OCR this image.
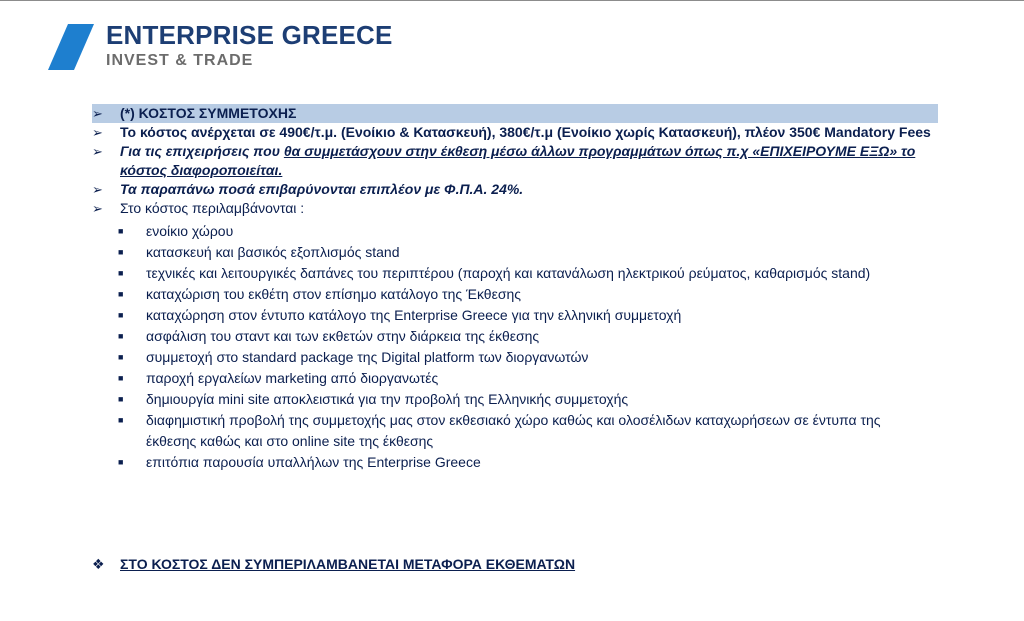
ENTERPRISE GREECE
INVEST & TRADE
➢	(*) ΚΟΣΤΟΣ ΣΥΜΜΕΤΟΧΗΣ
➢	Το κόστος ανέρχεται σε 490€/τ.μ. (Ενοίκιο & Κατασκευή), 380€/τ.μ (Ενοίκιο χωρίς Κατασκευή), πλέον 350€ Mandatory Fees
➢	Για τις επιχειρήσεις που θα συμμετάσχουν στην έκθεση μέσω άλλων προγραμμάτων όπως π.χ «ΕΠΙΧΕΙΡΟΥΜΕ ΕΞΩ» το κόστος διαφοροποιείται.
➢	Τα παραπάνω ποσά επιβαρύνονται επιπλέον με Φ.Π.Α. 24%.
➢	Στο κόστος περιλαμβάνονται :
■	ενοίκιο χώρου
■	κατασκευή και βασικός εξοπλισμός stand
■	τεχνικές και λειτουργικές δαπάνες του περιπτέρου (παροχή και κατανάλωση ηλεκτρικού ρεύματος, καθαρισμός stand)
■	καταχώριση του εκθέτη στον επίσημο κατάλογο της Έκθεσης
■	καταχώρηση στον έντυπο κατάλογο της Enterprise Greece για την ελληνική συμμετοχή
■	ασφάλιση του σταντ και των εκθετών στην διάρκεια της έκθεσης
■	συμμετοχή στο standard package της Digital platform των διοργανωτών
■	παροχή εργαλείων marketing από διοργανωτές
■	δημιουργία mini site αποκλειστικά για την προβολή της Ελληνικής συμμετοχής
■	διαφημιστική προβολή της συμμετοχής μας στον εκθεσιακό χώρο καθώς και ολοσέλιδων καταχωρήσεων σε έντυπα της έκθεσης καθώς και στο online site της έκθεσης
■	επιτόπια παρουσία υπαλλήλων της Enterprise Greece
❖	ΣΤΟ ΚΟΣΤΟΣ ΔΕΝ ΣΥΜΠΕΡΙΛΑΜΒΑΝΕΤΑΙ ΜΕΤΑΦΟΡΑ ΕΚΘΕΜΑΤΩΝ
